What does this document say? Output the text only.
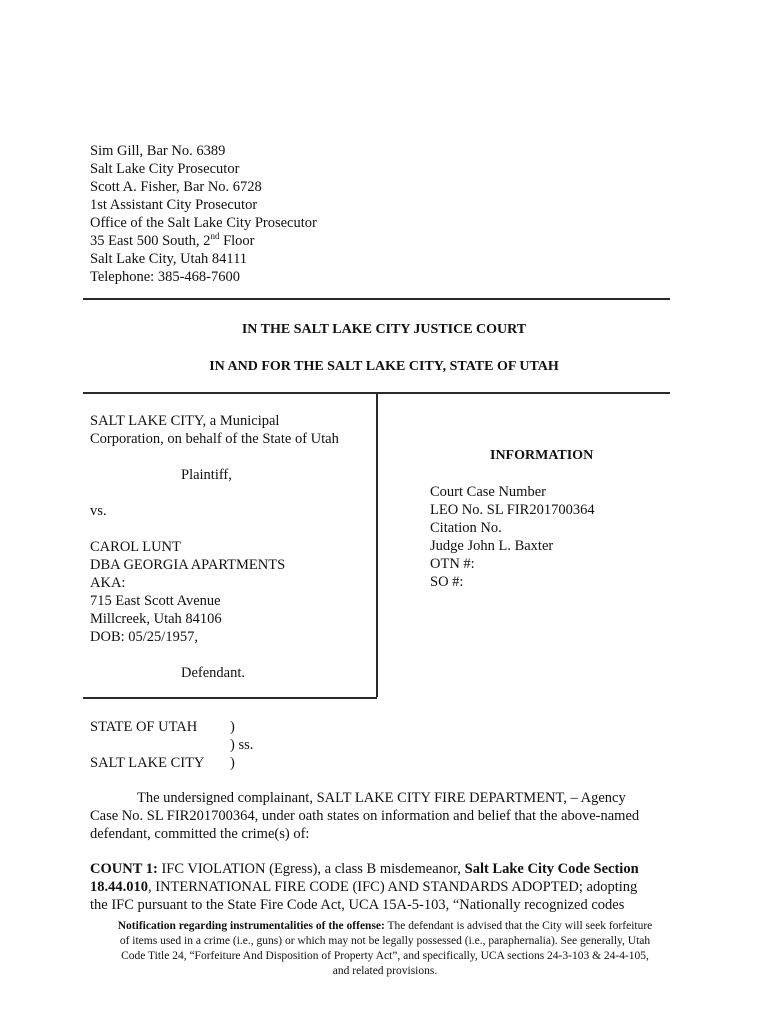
Sim Gill, Bar No. 6389
Salt Lake City Prosecutor
Scott A. Fisher, Bar No. 6728
1st Assistant City Prosecutor
Office of the Salt Lake City Prosecutor
35 East 500 South, 2nd Floor
Salt Lake City, Utah 84111
Telephone: 385-468-7600
IN THE SALT LAKE CITY JUSTICE COURT
IN AND FOR THE SALT LAKE CITY, STATE OF UTAH
SALT LAKE CITY, a Municipal
Corporation, on behalf of the State of Utah
Plaintiff,
vs.
CAROL LUNT
DBA GEORGIA APARTMENTS
AKA:
715 East Scott Avenue
Millcreek, Utah 84106
DOB: 05/25/1957,
Defendant.
INFORMATION
Court Case Number
LEO No. SL FIR201700364
Citation No.
Judge John L. Baxter
OTN #:
SO #:
STATE OF UTAH	)
) ss.
SALT LAKE CITY	)
The undersigned complainant, SALT LAKE CITY FIRE DEPARTMENT, – Agency
Case No. SL FIR201700364, under oath states on information and belief that the above-named
defendant, committed the crime(s) of:
COUNT 1: IFC VIOLATION (Egress), a class B misdemeanor, Salt Lake City Code Section
18.44.010, INTERNATIONAL FIRE CODE (IFC) AND STANDARDS ADOPTED; adopting
the IFC pursuant to the State Fire Code Act, UCA 15A-5-103, “Nationally recognized codes
Notification regarding instrumentalities of the offense: The defendant is advised that the City will seek forfeiture
of items used in a crime (i.e., guns) or which may not be legally possessed (i.e., paraphernalia). See generally, Utah
Code Title 24, “Forfeiture And Disposition of Property Act”, and specifically, UCA sections 24-3-103 & 24-4-105,
and related provisions.
